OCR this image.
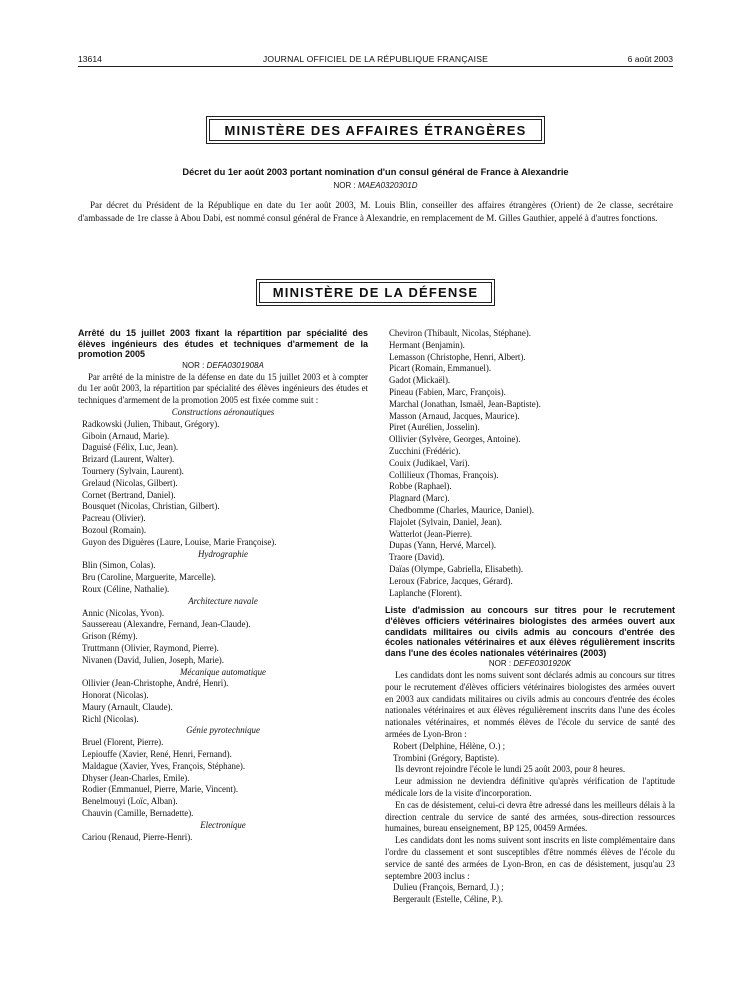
13614	JOURNAL OFFICIEL DE LA RÉPUBLIQUE FRANÇAISE	6 août 2003
MINISTÈRE DES AFFAIRES ÉTRANGÈRES
Décret du 1er août 2003 portant nomination d'un consul général de France à Alexandrie
NOR : MAEA0320301D

Par décret du Président de la République en date du 1er août 2003, M. Louis Blin, conseiller des affaires étrangères (Orient) de 2e classe, secrétaire d'ambassade de 1re classe à Abou Dabi, est nommé consul général de France à Alexandrie, en remplacement de M. Gilles Gauthier, appelé à d'autres fonctions.

MINISTÈRE DE LA DÉFENSE

Arrêté du 15 juillet 2003 fixant la répartition par spécialité des élèves ingénieurs des études et techniques d'armement de la promotion 2005

NOR : DEFA0301908A

Par arrêté de la ministre de la défense en date du 15 juillet 2003 et à compter du 1er août 2003, la répartition par spécialité des élèves ingénieurs des études et techniques d'armement de la promotion 2005 est fixée comme suit :

Constructions aéronautiques

Radkowski (Julien, Thibaut, Grégory).

Giboin (Arnaud, Marie).

Daguisé (Félix, Luc, Jean).

Brizard (Laurent, Walter).

Tournery (Sylvain, Laurent).

Grelaud (Nicolas, Gilbert).

Cornet (Bertrand, Daniel).

Bousquet (Nicolas, Christian, Gilbert).

Pacreau (Olivier).

Bozoul (Romain).

Guyon des Diguères (Laure, Louise, Marie Françoise).

Hydrographie

Blin (Simon, Colas).

Bru (Caroline, Marguerite, Marcelle).

Roux (Céline, Nathalie).

Architecture navale

Annic (Nicolas, Yvon).

Saussereau (Alexandre, Fernand, Jean-Claude).

Grison (Rémy).

Truttmann (Olivier, Raymond, Pierre).

Nivanen (David, Julien, Joseph, Marie).

Mécanique automatique

Ollivier (Jean-Christophe, André, Henri).

Honorat (Nicolas).

Maury (Arnault, Claude).

Richl (Nicolas).

Génie pyrotechnique

Bruel (Florent, Pierre).

Lepiouffe (Xavier, René, Henri, Fernand).

Maldague (Xavier, Yves, François, Stéphane).

Dhyser (Jean-Charles, Emile).

Rodier (Emmanuel, Pierre, Marie, Vincent).

Benelmouyi (Loïc, Alban).

Chauvin (Camille, Bernadette).

Electronique

Cariou (Renaud, Pierre-Henri).

Cheviron (Thibault, Nicolas, Stéphane).

Hermant (Benjamin).

Lemasson (Christophe, Henri, Albert).

Picart (Romain, Emmanuel).

Gadot (Mickaël).

Pineau (Fabien, Marc, François).

Marchal (Jonathan, Ismaël, Jean-Baptiste).

Masson (Arnaud, Jacques, Maurice).

Piret (Aurélien, Josselin).

Ollivier (Sylvère, Georges, Antoine).

Zucchini (Frédéric).

Couix (Judikael, Vari).

Collilieux (Thomas, François).

Robbe (Raphael).

Plagnard (Marc).

Chedbomme (Charles, Maurice, Daniel).

Flajolet (Sylvain, Daniel, Jean).

Watterlot (Jean-Pierre).

Dupas (Yann, Hervé, Marcel).

Traore (David).

Daïas (Olympe, Gabriella, Elisabeth).

Leroux (Fabrice, Jacques, Gérard).

Laplanche (Florent).

Liste d'admission au concours sur titres pour le recrutement d'élèves officiers vétérinaires biologistes des armées ouvert aux candidats militaires ou civils admis au concours d'entrée des écoles nationales vétérinaires et aux élèves régulièrement inscrits dans l'une des écoles nationales vétérinaires (2003)

NOR : DEFE0301920K

Les candidats dont les noms suivent sont déclarés admis au concours sur titres pour le recrutement d'élèves officiers vétérinaires biologistes des armées ouvert en 2003 aux candidats militaires ou civils admis au concours d'entrée des écoles nationales vétérinaires et aux élèves régulièrement inscrits dans l'une des écoles nationales vétérinaires, et nommés élèves de l'école du service de santé des armées de Lyon-Bron :

Robert (Delphine, Hélène, O.) ;

Trombini (Grégory, Baptiste).

Ils devront rejoindre l'école le lundi 25 août 2003, pour 8 heures.

Leur admission ne deviendra définitive qu'après vérification de l'aptitude médicale lors de la visite d'incorporation.

En cas de désistement, celui-ci devra être adressé dans les meilleurs délais à la direction centrale du service de santé des armées, sous-direction ressources humaines, bureau enseignement, BP 125, 00459 Armées.

Les candidats dont les noms suivent sont inscrits en liste complémentaire dans l'ordre du classement et sont susceptibles d'être nommés élèves de l'école du service de santé des armées de Lyon-Bron, en cas de désistement, jusqu'au 23 septembre 2003 inclus :

Dulieu (François, Bernard, J.) ;

Bergerault (Estelle, Céline, P.).
